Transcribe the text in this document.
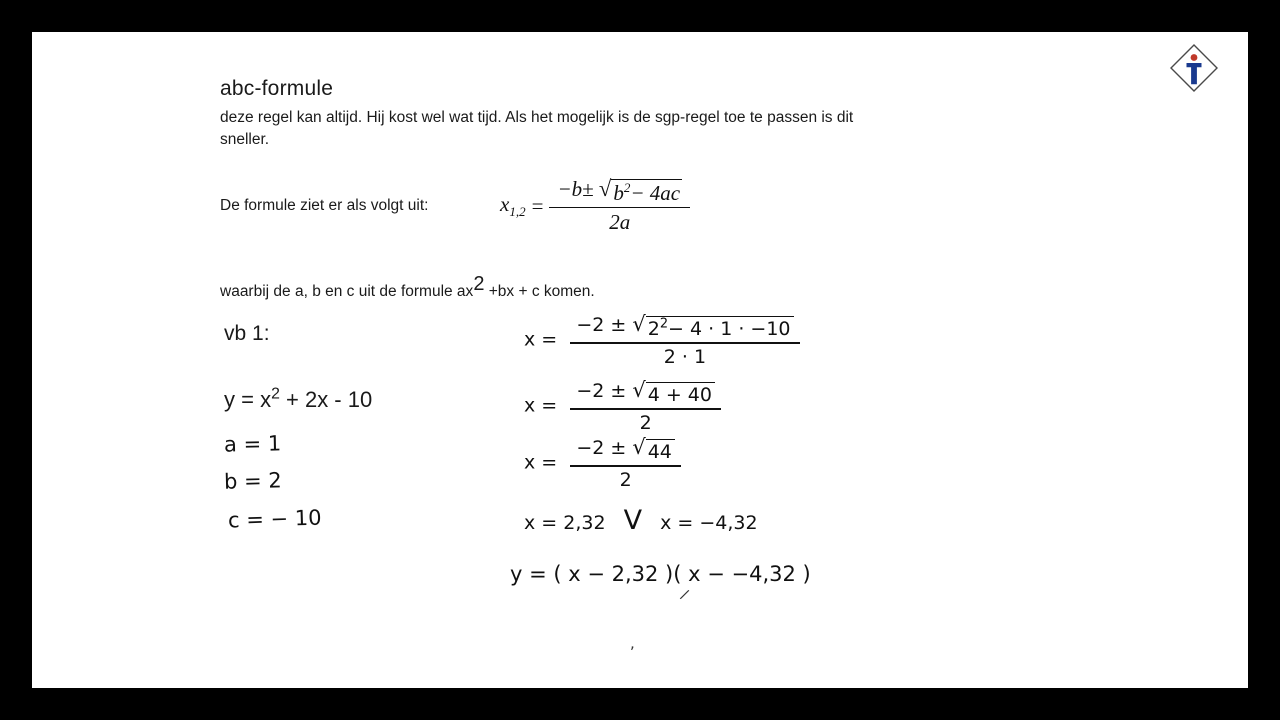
abc-formule

deze regel kan altijd. Hij kost wel wat tijd. Als het mogelijk is de sgp-regel toe te passen is dit sneller.

De formule ziet er als volgt uit:	$x_{1,2} = \frac{-b\pm √ b^2- 4ac}{2a}$
waarbij de a, b en c uit de formule ax2 +bx + c komen.
vb 1:
$y = x^2 + 2x - 10$
a = 1
b = 2
c = − 10
x =
−2 ± √ $2^2- 4 \cdot 1 \cdot -10$
2 · 1
$x = \frac{-2 \pm √ 4 + 40}{2}$
$x = \frac{-2 \pm √ 44}{2}$
x = 2,32 V x = −4,32
y = ( x − 2,32 )( x − −4,32 )
,
/
